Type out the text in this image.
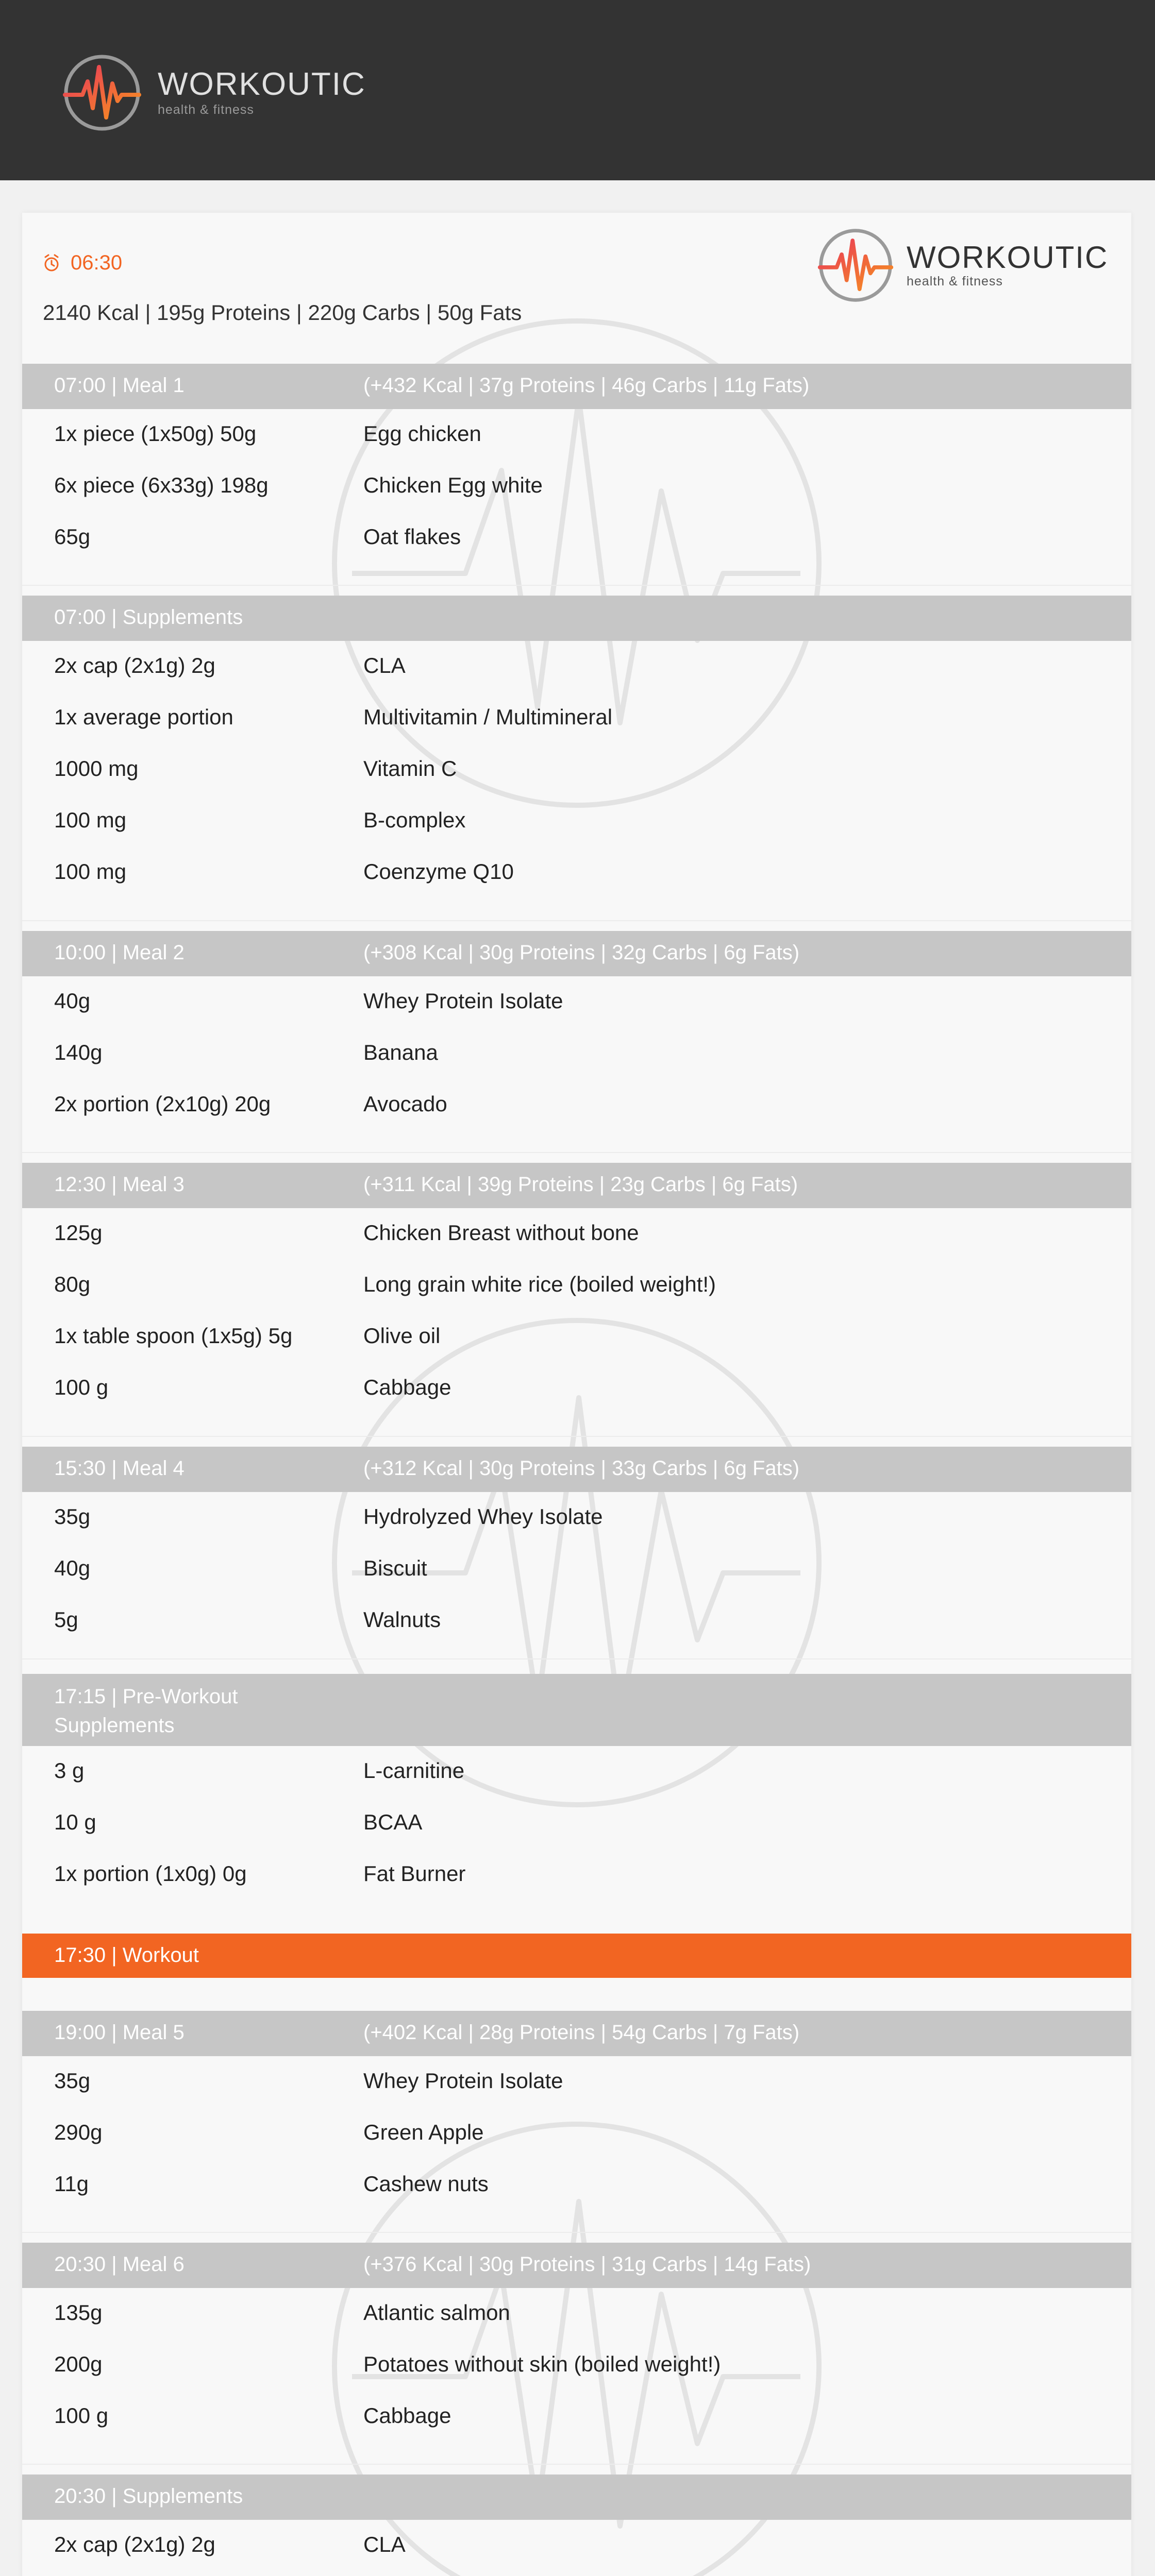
WORKOUTIC
health & fitness
WORKOUTIC
health & fitness
06:30
2140 Kcal | 195g Proteins | 220g Carbs | 50g Fats
07:00 | Meal 1	(+432 Kcal | 37g Proteins | 46g Carbs | 11g Fats)
1x piece (1x50g) 50g	Egg chicken
6x piece (6x33g) 198g	Chicken Egg white
65g	Oat flakes
07:00 | Supplements
2x cap (2x1g) 2g	CLA
1x average portion	Multivitamin / Multimineral
1000 mg	Vitamin C
100 mg	B-complex
100 mg	Coenzyme Q10
10:00 | Meal 2	(+308 Kcal | 30g Proteins | 32g Carbs | 6g Fats)
40g	Whey Protein Isolate
140g	Banana
2x portion (2x10g) 20g	Avocado
12:30 | Meal 3	(+311 Kcal | 39g Proteins | 23g Carbs | 6g Fats)
125g	Chicken Breast without bone
80g	Long grain white rice (boiled weight!)
1x table spoon (1x5g) 5g	Olive oil
100 g	Cabbage
15:30 | Meal 4	(+312 Kcal | 30g Proteins | 33g Carbs | 6g Fats)
35g	Hydrolyzed Whey Isolate
40g	Biscuit
5g	Walnuts
17:15 | Pre-Workout Supplements
3 g	L-carnitine
10 g	BCAA
1x portion (1x0g) 0g	Fat Burner
17:30 | Workout
19:00 | Meal 5	(+402 Kcal | 28g Proteins | 54g Carbs | 7g Fats)
35g	Whey Protein Isolate
290g	Green Apple
11g	Cashew nuts
20:30 | Meal 6	(+376 Kcal | 30g Proteins | 31g Carbs | 14g Fats)
135g	Atlantic salmon
200g	Potatoes without skin (boiled weight!)
100 g	Cabbage
20:30 | Supplements
2x cap (2x1g) 2g	CLA
